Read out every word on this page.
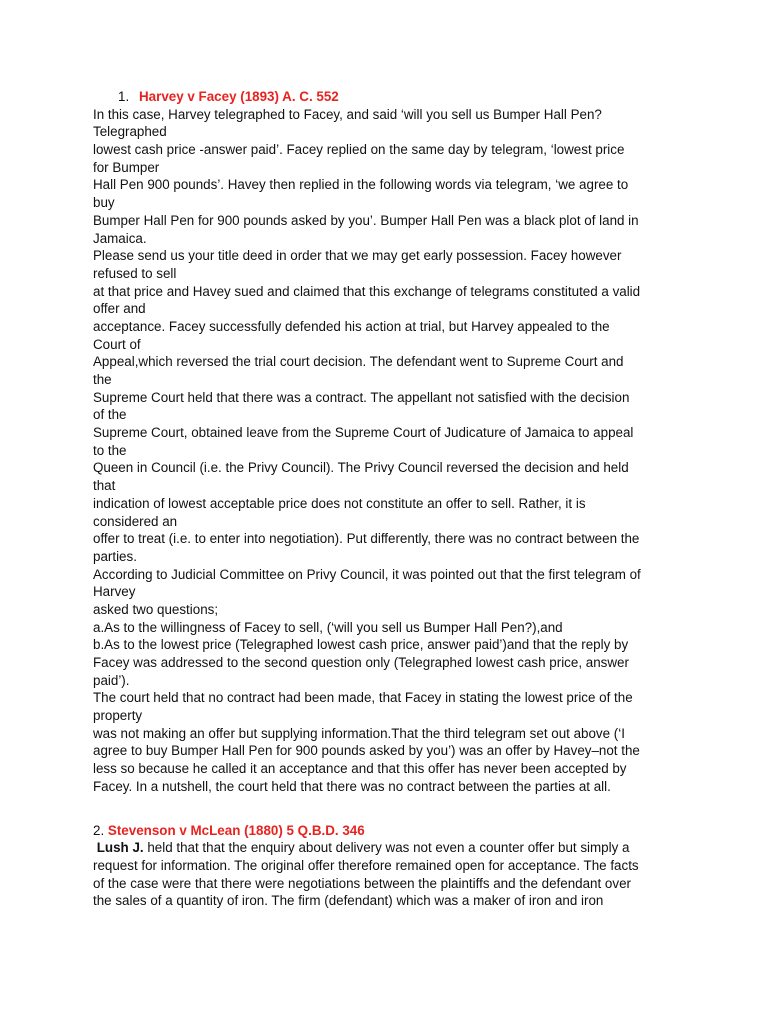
1. Harvey v Facey (1893) A. C. 552
In this case, Harvey telegraphed to Facey, and said ‘will you sell us Bumper Hall Pen?
Telegraphed
lowest cash price -answer paid’. Facey replied on the same day by telegram, ‘lowest price
for Bumper
Hall Pen 900 pounds’. Havey then replied in the following words via telegram, ‘we agree to
buy
Bumper Hall Pen for 900 pounds asked by you’. Bumper Hall Pen was a black plot of land in
Jamaica.
Please send us your title deed in order that we may get early possession. Facey however
refused to sell
at that price and Havey sued and claimed that this exchange of telegrams constituted a valid
offer and
acceptance. Facey successfully defended his action at trial, but Harvey appealed to the
Court of
Appeal,which reversed the trial court decision. The defendant went to Supreme Court and
the
Supreme Court held that there was a contract. The appellant not satisfied with the decision
of the
Supreme Court, obtained leave from the Supreme Court of Judicature of Jamaica to appeal
to the
Queen in Council (i.e. the Privy Council). The Privy Council reversed the decision and held
that
indication of lowest acceptable price does not constitute an offer to sell. Rather, it is
considered an
offer to treat (i.e. to enter into negotiation). Put differently, there was no contract between the
parties.
According to Judicial Committee on Privy Council, it was pointed out that the first telegram of
Harvey
asked two questions;
a.As to the willingness of Facey to sell, (‘will you sell us Bumper Hall Pen?),and
b.As to the lowest price (Telegraphed lowest cash price, answer paid’)and that the reply by
Facey was addressed to the second question only (Telegraphed lowest cash price, answer
paid’).
The court held that no contract had been made, that Facey in stating the lowest price of the
property
was not making an offer but supplying information.That the third telegram set out above (‘I
agree to buy Bumper Hall Pen for 900 pounds asked by you’) was an offer by Havey–not the
less so because he called it an acceptance and that this offer has never been accepted by
Facey. In a nutshell, the court held that there was no contract between the parties at all.
2. Stevenson v McLean (1880) 5 Q.B.D. 346
Lush J. held that that the enquiry about delivery was not even a counter offer but simply a
request for information. The original offer therefore remained open for acceptance. The facts
of the case were that there were negotiations between the plaintiffs and the defendant over
the sales of a quantity of iron. The firm (defendant) which was a maker of iron and iron
